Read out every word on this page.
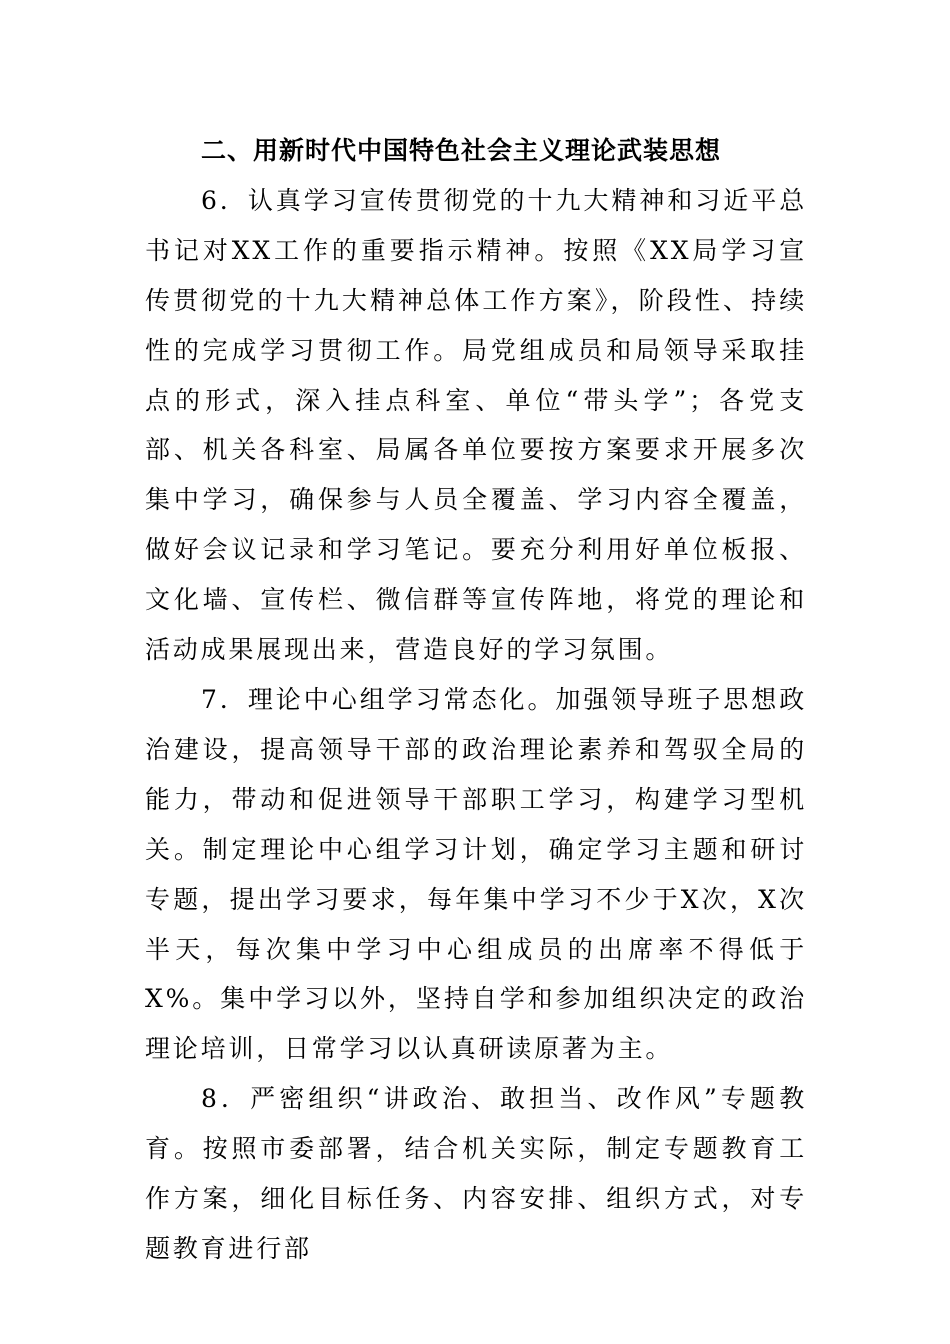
二、用新时代中国特色社会主义理论武装思想

6．认真学习宣传贯彻党的十九大精神和习近平总书记对XX工作的重要指示精神。按照《XX局学习宣传贯彻党的十九大精神总体工作方案》，阶段性、持续性的完成学习贯彻工作。局党组成员和局领导采取挂点的形式，深入挂点科室、单位“带头学”；各党支部、机关各科室、局属各单位要按方案要求开展多次集中学习，确保参与人员全覆盖、学习内容全覆盖，做好会议记录和学习笔记。要充分利用好单位板报、文化墙、宣传栏、微信群等宣传阵地，将党的理论和活动成果展现出来，营造良好的学习氛围。

7．理论中心组学习常态化。加强领导班子思想政治建设，提高领导干部的政治理论素养和驾驭全局的能力，带动和促进领导干部职工学习，构建学习型机关。制定理论中心组学习计划，确定学习主题和研讨专题，提出学习要求，每年集中学习不少于X次，X次半天，每次集中学习中心组成员的出席率不得低于X%。集中学习以外，坚持自学和参加组织决定的政治理论培训，日常学习以认真研读原著为主。

8．严密组织“讲政治、敢担当、改作风”专题教育。按照市委部署，结合机关实际，制定专题教育工作方案，细化目标任务、内容安排、组织方式，对专题教育进行部
